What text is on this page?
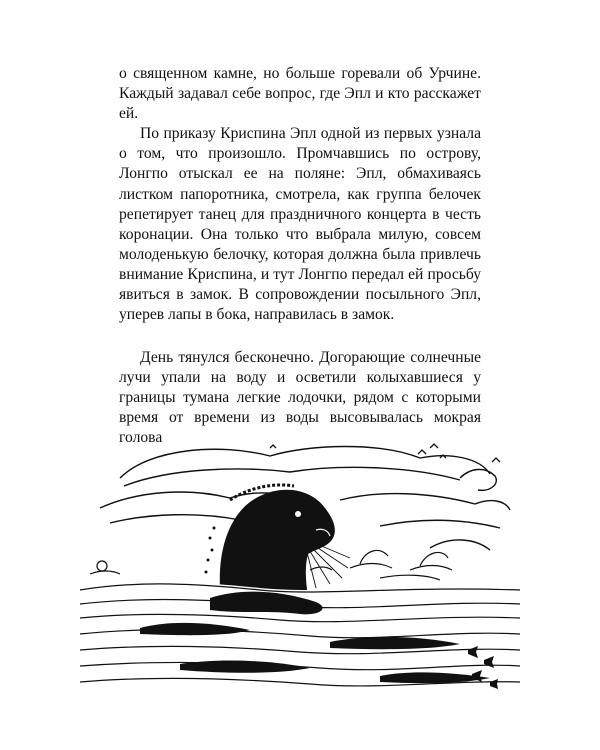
о священном камне, но больше горевали об Урчине. Каждый задавал себе вопрос, где Эпл и кто расскажет ей.

По приказу Криспина Эпл одной из первых узнала о том, что произошло. Промчавшись по острову, Лонгпо отыскал ее на поляне: Эпл, обмахиваясь листком папоротника, смотрела, как группа белочек репетирует танец для праздничного концерта в честь коронации. Она только что выбрала милую, совсем молоденькую белочку, которая должна была привлечь внимание Криспина, и тут Лонгпо передал ей просьбу явиться в замок. В сопровождении посыльного Эпл, уперев лапы в бока, направилась в замок.

День тянулся бесконечно. Догорающие солнечные лучи упали на воду и осветили колыхавшиеся у границы тумана легкие лодочки, рядом с которыми время от времени из воды высовывалась мокрая голова
